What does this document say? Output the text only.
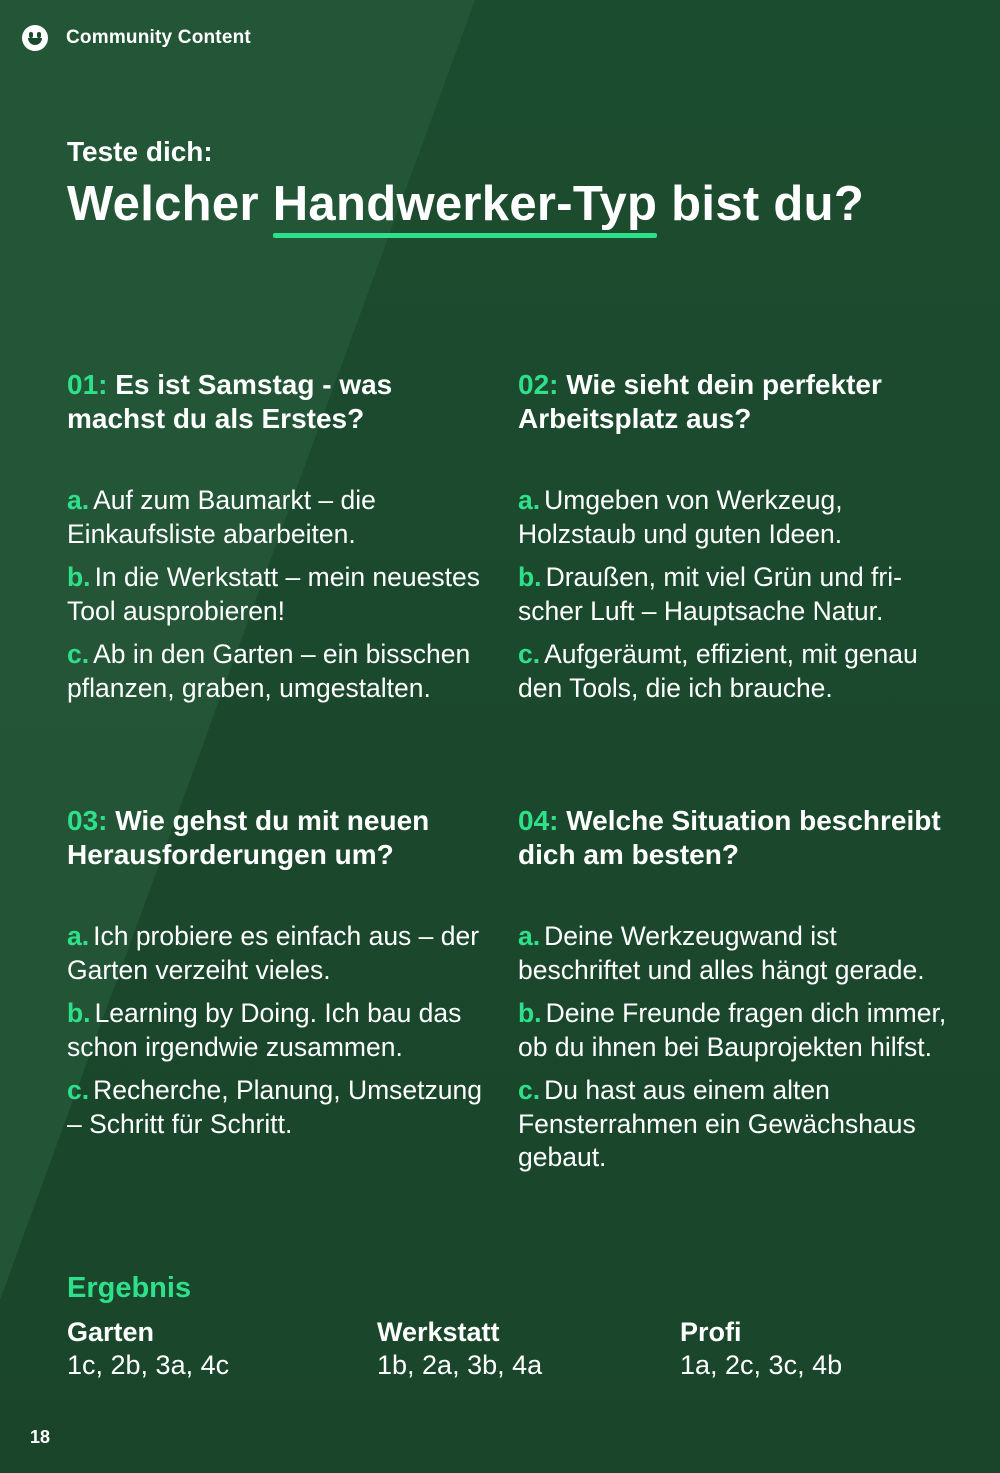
Community Content
Teste dich:
Welcher Handwerker-Typ bist du?
01: Es ist Samstag - was machst du als Erstes?
a. Auf zum Baumarkt – die Einkaufsliste abarbeiten.
b. In die Werkstatt – mein neuestes Tool ausprobieren!
c. Ab in den Garten – ein bisschen pflanzen, graben, umgestalten.
02: Wie sieht dein perfekter Arbeitsplatz aus?
a. Umgeben von Werkzeug, Holzstaub und guten Ideen.
b. Draußen, mit viel Grün und frischer Luft – Hauptsache Natur.
c. Aufgeräumt, effizient, mit genau den Tools, die ich brauche.
03: Wie gehst du mit neuen Herausforderungen um?
a. Ich probiere es einfach aus – der Garten verzeiht vieles.
b. Learning by Doing. Ich bau das schon irgendwie zusammen.
c. Recherche, Planung, Umsetzung – Schritt für Schritt.
04: Welche Situation beschreibt dich am besten?
a. Deine Werkzeugwand ist beschriftet und alles hängt gerade.
b. Deine Freunde fragen dich immer, ob du ihnen bei Bauprojekten hilfst.
c. Du hast aus einem alten Fensterrahmen ein Gewächshaus gebaut.
Ergebnis
Garten
1c, 2b, 3a, 4c
Werkstatt
1b, 2a, 3b, 4a
Profi
1a, 2c, 3c, 4b
18
